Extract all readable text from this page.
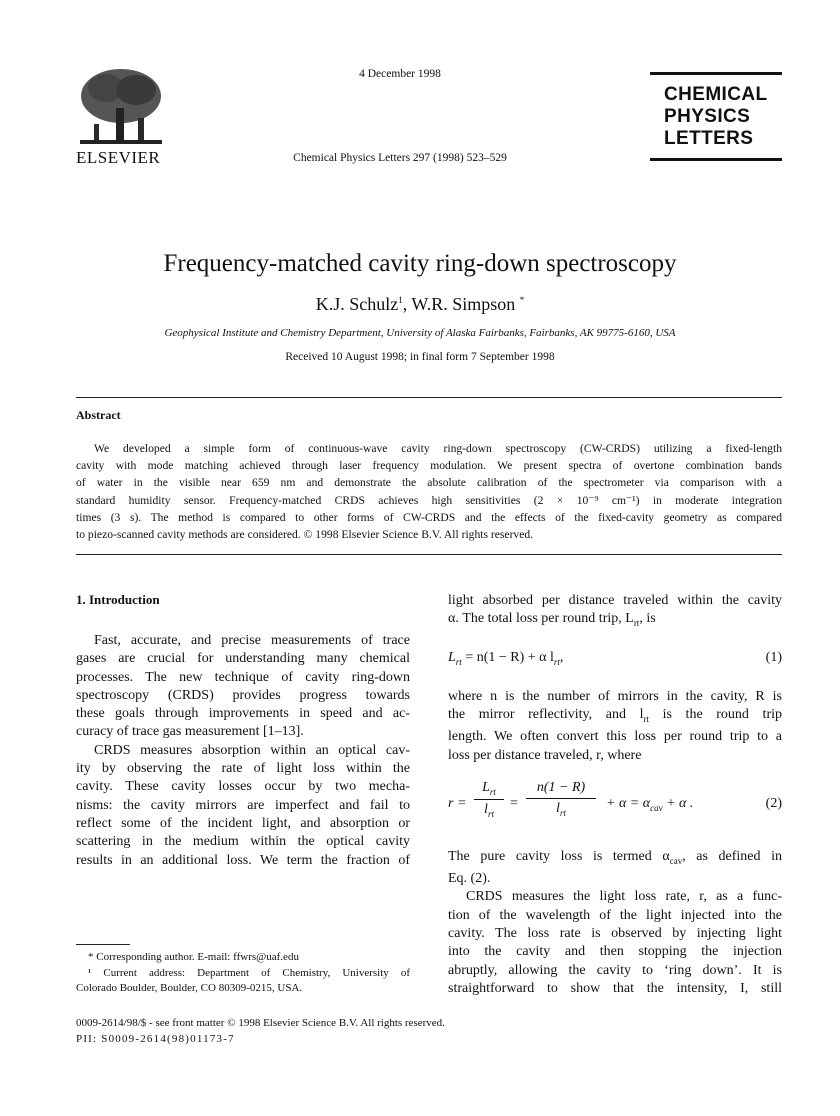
ELSEVIER
4 December 1998
Chemical Physics Letters 297 (1998) 523–529
CHEMICAL
PHYSICS
LETTERS
Frequency-matched cavity ring-down spectroscopy
K.J. Schulz$^1$, W.R. Simpson *
Geophysical Institute and Chemistry Department, University of Alaska Fairbanks, Fairbanks, AK 99775-6160, USA
Received 10 August 1998; in final form 7 September 1998
Abstract
We developed a simple form of continuous-wave cavity ring-down spectroscopy (CW-CRDS) utilizing a fixed-length
cavity with mode matching achieved through laser frequency modulation. We present spectra of overtone combination bands
of water in the visible near 659 nm and demonstrate the absolute calibration of the spectrometer via comparison with a
standard humidity sensor. Frequency-matched CRDS achieves high sensitivities (2 × 10⁻⁹ cm⁻¹) in moderate integration
times (3 s). The method is compared to other forms of CW-CRDS and the effects of the fixed-cavity geometry as compared
to piezo-scanned cavity methods are considered. © 1998 Elsevier Science B.V. All rights reserved.
1. Introduction
Fast, accurate, and precise measurements of trace
gases are crucial for understanding many chemical
processes. The new technique of cavity ring-down
spectroscopy (CRDS) provides progress towards
these goals through improvements in speed and ac-
curacy of trace gas measurement [1–13].
CRDS measures absorption within an optical cav-
ity by observing the rate of light loss within the
cavity. These cavity losses occur by two mecha-
nisms: the cavity mirrors are imperfect and fail to
reflect some of the incident light, and absorption or
scattering in the medium within the optical cavity
results in an additional loss. We term the fraction of
* Corresponding author. E-mail: ffwrs@uaf.edu
¹ Current address: Department of Chemistry, University of
Colorado Boulder, Boulder, CO 80309-0215, USA.
light absorbed per distance traveled within the cavity
α. The total loss per round trip, $L_{rt}$, is
$L_{rt} = n(1 - R) + \alpha$ $l_{rt}$,	(1)
where n is the number of mirrors in the cavity, R is
the mirror reflectivity, and $l_{rt}$ is the round trip
length. We often convert this loss per round trip to a
loss per distance traveled, r, where
r =
$L_{rt}$
$l_{rt}$
=
n(1 − R)
$l_{rt}$
+ $\alpha = \alpha_{cav} + \alpha$ .	(2)
The pure cavity loss is termed $\alpha_{cav}$, as defined in
Eq. (2).
CRDS measures the light loss rate, r, as a func-
tion of the wavelength of the light injected into the
cavity. The loss rate is observed by injecting light
into the cavity and then stopping the injection
abruptly, allowing the cavity to ‘ring down’. It is
straightforward to show that the intensity, I, still
0009-2614/98/$ - see front matter © 1998 Elsevier Science B.V. All rights reserved.
PII: S0009-2614(98)01173-7
